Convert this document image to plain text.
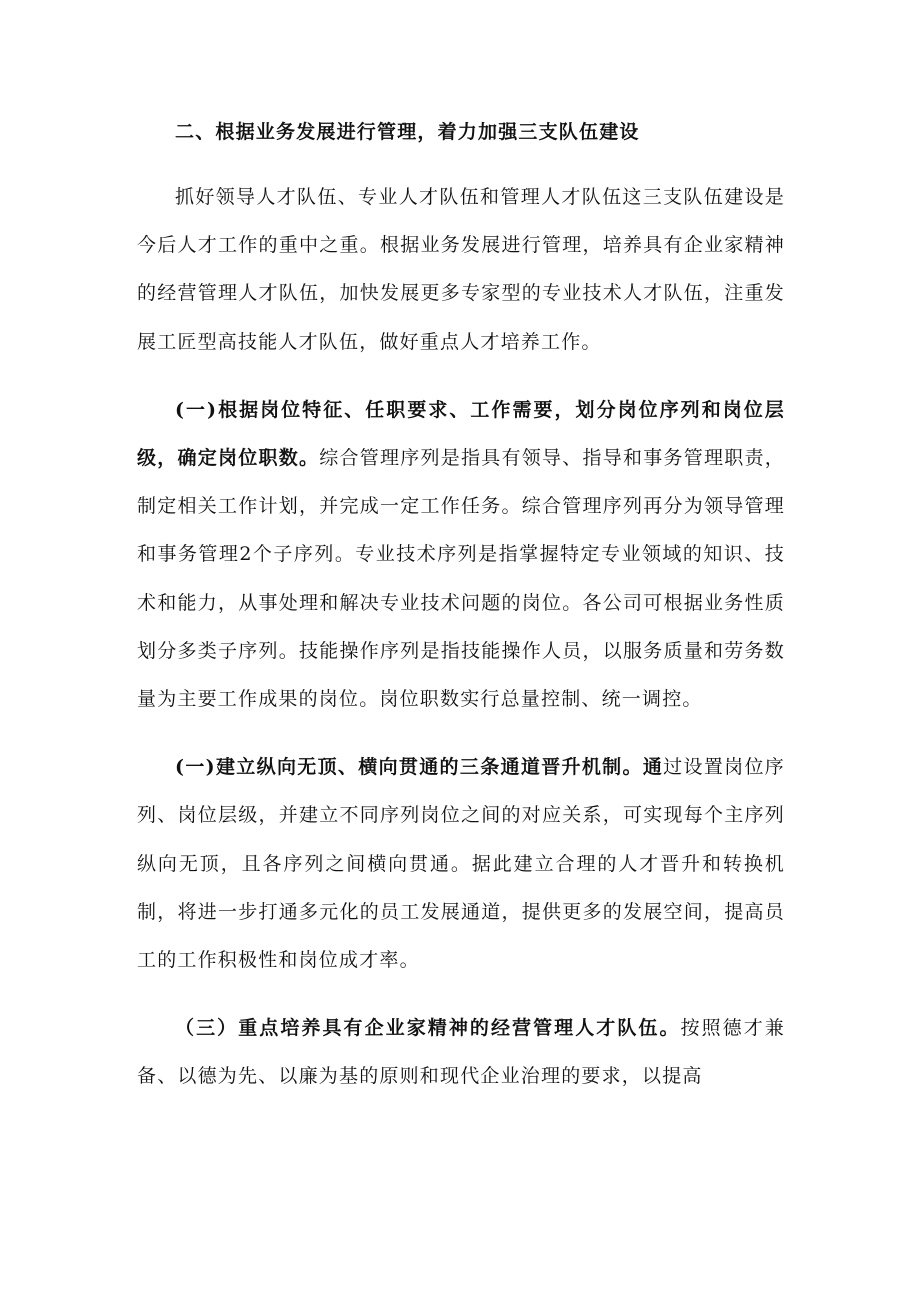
二、根据业务发展进行管理，着力加强三支队伍建设

抓好领导人才队伍、专业人才队伍和管理人才队伍这三支队伍建设是今后人才工作的重中之重。根据业务发展进行管理，培养具有企业家精神的经营管理人才队伍，加快发展更多专家型的专业技术人才队伍，注重发展工匠型高技能人才队伍，做好重点人才培养工作。

(一)根据岗位特征、任职要求、工作需要，划分岗位序列和岗位层级，确定岗位职数。综合管理序列是指具有领导、指导和事务管理职责，制定相关工作计划，并完成一定工作任务。综合管理序列再分为领导管理和事务管理2个子序列。专业技术序列是指掌握特定专业领域的知识、技术和能力，从事处理和解决专业技术问题的岗位。各公司可根据业务性质划分多类子序列。技能操作序列是指技能操作人员，以服务质量和劳务数量为主要工作成果的岗位。岗位职数实行总量控制、统一调控。

(一)建立纵向无顶、横向贯通的三条通道晋升机制。通过设置岗位序列、岗位层级，并建立不同序列岗位之间的对应关系，可实现每个主序列纵向无顶，且各序列之间横向贯通。据此建立合理的人才晋升和转换机制，将进一步打通多元化的员工发展通道，提供更多的发展空间，提高员工的工作积极性和岗位成才率。

（三）重点培养具有企业家精神的经营管理人才队伍。按照德才兼备、以德为先、以廉为基的原则和现代企业治理的要求，以提高
